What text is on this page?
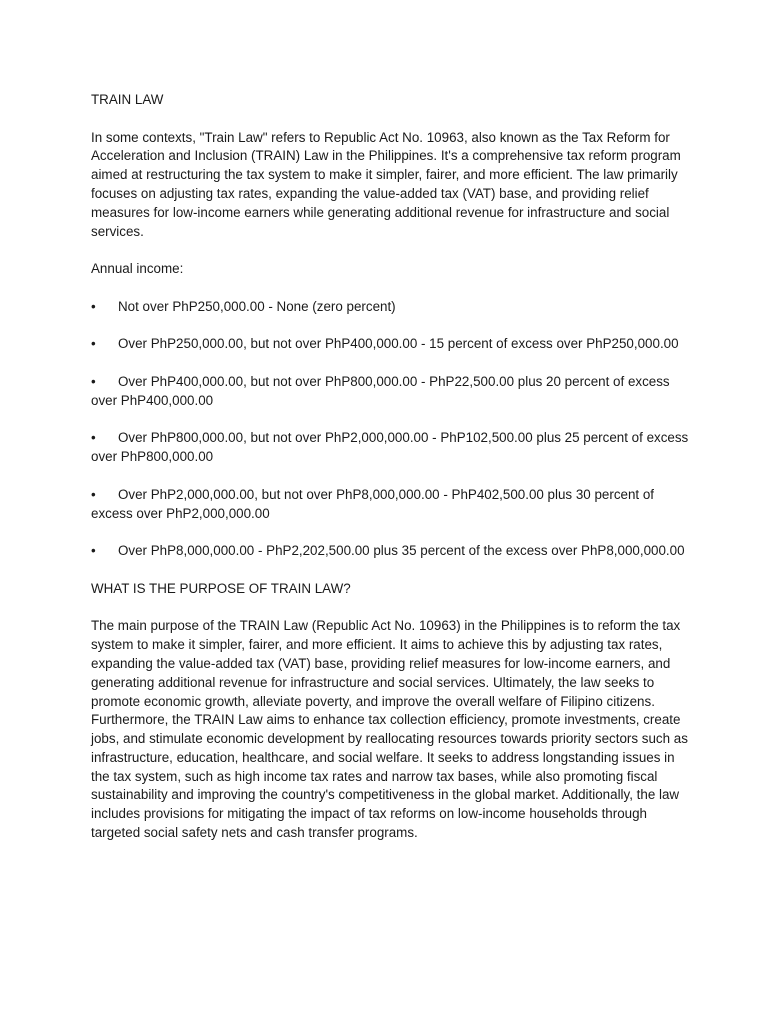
TRAIN LAW

In some contexts, "Train Law" refers to Republic Act No. 10963, also known as the Tax Reform for Acceleration and Inclusion (TRAIN) Law in the Philippines. It's a comprehensive tax reform program aimed at restructuring the tax system to make it simpler, fairer, and more efficient. The law primarily focuses on adjusting tax rates, expanding the value-added tax (VAT) base, and providing relief measures for low-income earners while generating additional revenue for infrastructure and social services.

Annual income:

• Not over PhP250,000.00 - None (zero percent)
• Over PhP250,000.00, but not over PhP400,000.00 - 15 percent of excess over PhP250,000.00
• Over PhP400,000.00, but not over PhP800,000.00 - PhP22,500.00 plus 20 percent of excess over PhP400,000.00
• Over PhP800,000.00, but not over PhP2,000,000.00 - PhP102,500.00 plus 25 percent of excess over PhP800,000.00
• Over PhP2,000,000.00, but not over PhP8,000,000.00 - PhP402,500.00 plus 30 percent of excess over PhP2,000,000.00
• Over PhP8,000,000.00 - PhP2,202,500.00 plus 35 percent of the excess over PhP8,000,000.00

WHAT IS THE PURPOSE OF TRAIN LAW?

The main purpose of the TRAIN Law (Republic Act No. 10963) in the Philippines is to reform the tax system to make it simpler, fairer, and more efficient. It aims to achieve this by adjusting tax rates, expanding the value-added tax (VAT) base, providing relief measures for low-income earners, and generating additional revenue for infrastructure and social services. Ultimately, the law seeks to promote economic growth, alleviate poverty, and improve the overall welfare of Filipino citizens. Furthermore, the TRAIN Law aims to enhance tax collection efficiency, promote investments, create jobs, and stimulate economic development by reallocating resources towards priority sectors such as infrastructure, education, healthcare, and social welfare. It seeks to address longstanding issues in the tax system, such as high income tax rates and narrow tax bases, while also promoting fiscal sustainability and improving the country's competitiveness in the global market. Additionally, the law includes provisions for mitigating the impact of tax reforms on low-income households through targeted social safety nets and cash transfer programs.
